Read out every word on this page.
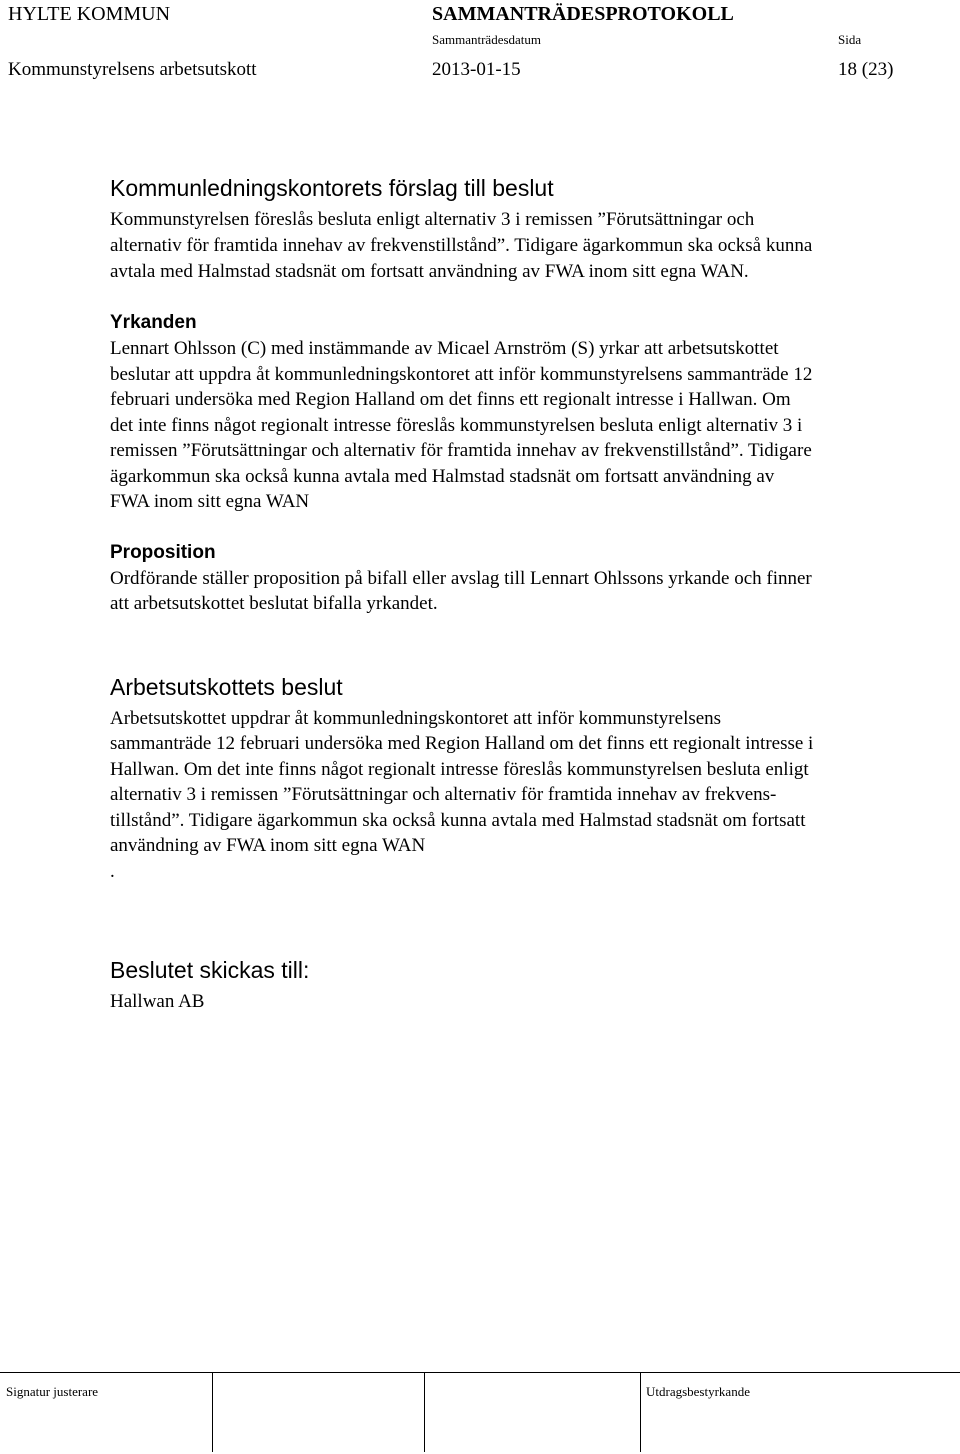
HYLTE KOMMUN	SAMMANTRÄDESPROTOKOLL
Sammanträdesdatum	Sida
Kommunstyrelsens arbetsutskott	2013-01-15	18 (23)
Kommunledningskontorets förslag till beslut
Kommunstyrelsen föreslås besluta enligt alternativ 3 i remissen ”Förutsättningar och
alternativ för framtida innehav av frekvenstillstånd”. Tidigare ägarkommun ska också kunna
avtala med Halmstad stadsnät om fortsatt användning av FWA inom sitt egna WAN.
Yrkanden
Lennart Ohlsson (C) med instämmande av Micael Arnström (S) yrkar att arbetsutskottet
beslutar att uppdra åt kommunledningskontoret att inför kommunstyrelsens sammanträde 12
februari undersöka med Region Halland om det finns ett regionalt intresse i Hallwan. Om
det inte finns något regionalt intresse föreslås kommunstyrelsen besluta enligt alternativ 3 i
remissen ”Förutsättningar och alternativ för framtida innehav av frekvenstillstånd”. Tidigare
ägarkommun ska också kunna avtala med Halmstad stadsnät om fortsatt användning av
FWA inom sitt egna WAN
Proposition
Ordförande ställer proposition på bifall eller avslag till Lennart Ohlssons yrkande och finner
att arbetsutskottet beslutat bifalla yrkandet.
Arbetsutskottets beslut
Arbetsutskottet uppdrar åt kommunledningskontoret att inför kommunstyrelsens
sammanträde 12 februari undersöka med Region Halland om det finns ett regionalt intresse i
Hallwan. Om det inte finns något regionalt intresse föreslås kommunstyrelsen besluta enligt
alternativ 3 i remissen ”Förutsättningar och alternativ för framtida innehav av frekvens-
tillstånd”. Tidigare ägarkommun ska också kunna avtala med Halmstad stadsnät om fortsatt
användning av FWA inom sitt egna WAN
.
Beslutet skickas till:
Hallwan AB
Signatur justerare	Utdragsbestyrkande
